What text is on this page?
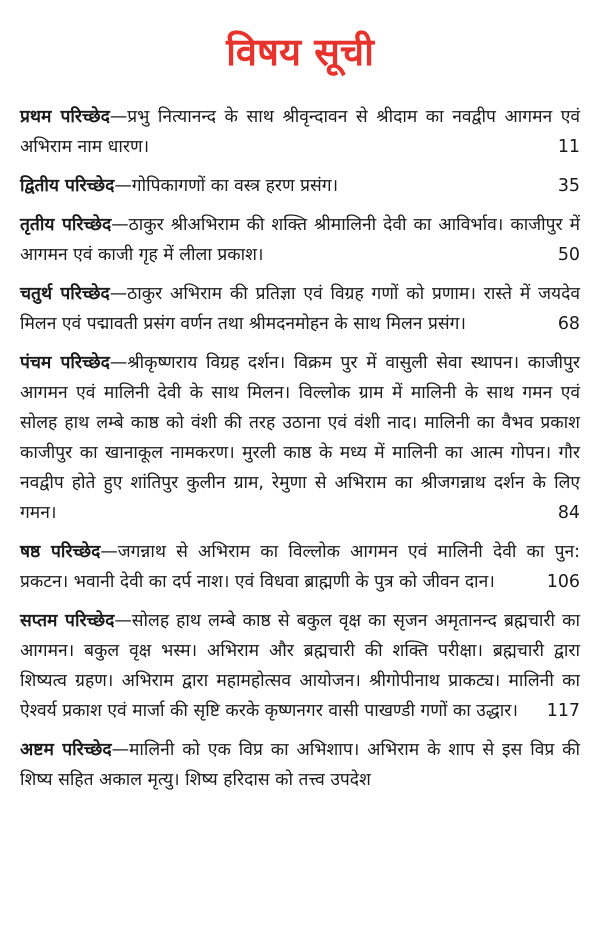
विषय सूची
प्रथम परिच्छेद—प्रभु नित्यानन्द के साथ श्रीवृन्दावन से श्रीदाम का नवद्वीप आगमन एवं अभिराम नाम धारण।	11
द्वितीय परिच्छेद—गोपिकागणों का वस्त्र हरण प्रसंग।	35
तृतीय परिच्छेद—ठाकुर श्रीअभिराम की शक्ति श्रीमालिनी देवी का आविर्भाव। काजीपुर में आगमन एवं काजी गृह में लीला प्रकाश।	50
चतुर्थ परिच्छेद—ठाकुर अभिराम की प्रतिज्ञा एवं विग्रह गणों को प्रणाम। रास्ते में जयदेव मिलन एवं पद्मावती प्रसंग वर्णन तथा श्रीमदनमोहन के साथ मिलन प्रसंग।	68
पंचम परिच्छेद—श्रीकृष्णराय विग्रह दर्शन। विक्रम पुर में वासुली सेवा स्थापन। काजीपुर आगमन एवं मालिनी देवी के साथ मिलन। विल्लोक ग्राम में मालिनी के साथ गमन एवं सोलह हाथ लम्बे काष्ठ को वंशी की तरह उठाना एवं वंशी नाद। मालिनी का वैभव प्रकाश काजीपुर का खानाकूल नामकरण। मुरली काष्ठ के मध्य में मालिनी का आत्म गोपन। गौर नवद्वीप होते हुए शांतिपुर कुलीन ग्राम, रेमुणा से अभिराम का श्रीजगन्नाथ दर्शन के लिए गमन।	84
षष्ठ परिच्छेद—जगन्नाथ से अभिराम का विल्लोक आगमन एवं मालिनी देवी का पुन: प्रकटन। भवानी देवी का दर्प नाश। एवं विधवा ब्राह्मणी के पुत्र को जीवन दान।	106
सप्तम परिच्छेद—सोलह हाथ लम्बे काष्ठ से बकुल वृक्ष का सृजन अमृतानन्द ब्रह्मचारी का आगमन। बकुल वृक्ष भस्म। अभिराम और ब्रह्मचारी की शक्ति परीक्षा। ब्रह्मचारी द्वारा शिष्यत्व ग्रहण। अभिराम द्वारा महामहोत्सव आयोजन। श्रीगोपीनाथ प्राकट्य। मालिनी का ऐश्वर्य प्रकाश एवं मार्जा की सृष्टि करके कृष्णनगर वासी पाखण्डी गणों का उद्धार।	117
अष्टम परिच्छेद—मालिनी को एक विप्र का अभिशाप। अभिराम के शाप से इस विप्र की शिष्य सहित अकाल मृत्यु। शिष्य हरिदास को तत्त्व उपदेश
